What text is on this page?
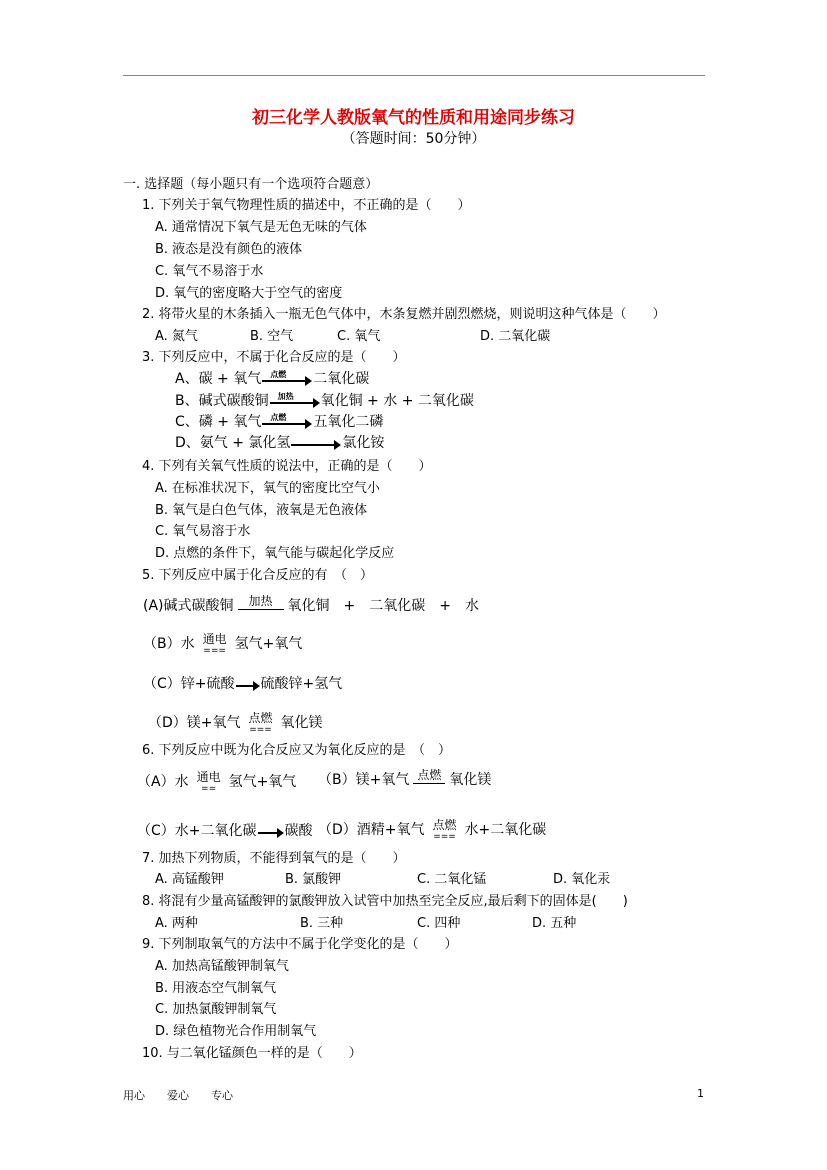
初三化学人教版氧气的性质和用途同步练习
（答题时间：50分钟）
一. 选择题（每小题只有一个选项符合题意）
1. 下列关于氧气物理性质的描述中，不正确的是（　　）
A. 通常情况下氧气是无色无味的气体
B. 液态是没有颜色的液体
C. 氧气不易溶于水
D. 氧气的密度略大于空气的密度
2. 将带火星的木条插入一瓶无色气体中，木条复燃并剧烈燃烧，则说明这种气体是（　　）
A. 氮气	B. 空气	C. 氧气	D. 二氧化碳
3. 下列反应中，不属于化合反应的是（　　）
A、碳 + 氧气 点燃 二氧化碳
B、碱式碳酸铜 加热 氧化铜 + 水 + 二氧化碳
C、磷 + 氧气 点燃 五氧化二磷
D、氨气 + 氯化氢	氯化铵
4. 下列有关氧气性质的说法中，正确的是（　　）
A. 在标准状况下，氧气的密度比空气小
B. 氧气是白色气体，液氧是无色液体
C. 氧气易溶于水
D. 点燃的条件下，氧气能与碳起化学反应
5. 下列反应中属于化合反应的有　（　）
(A)碱式碳酸铜	加热	氧化铜　+　二氧化碳　+　水
（B）水 通电
=== 氢气+氧气
（C）锌+硫酸 硫酸锌+氢气
（D）镁+氧气 点燃
=== 氧化镁
6. 下列反应中既为化合反应又为氧化反应的是　（　）
（A）水 通电
== 氢气+氧气 （B）镁+氧气 点燃 氧化镁
（C）水+二氧化碳 碳酸 （D）酒精+氧气 点燃
=== 水+二氧化碳
7. 加热下列物质，不能得到氧气的是（　　）
A. 高锰酸钾	B. 氯酸钾	C. 二氧化锰	D. 氧化汞
8. 将混有少量高锰酸钾的氯酸钾放入试管中加热至完全反应,最后剩下的固体是(　　)
A. 两种	B. 三种	C. 四种	D. 五种
9. 下列制取氧气的方法中不属于化学变化的是（　　）
A. 加热高锰酸钾制氧气
B. 用液态空气制氧气
C. 加热氯酸钾制氧气
D. 绿色植物光合作用制氧气
10. 与二氧化锰颜色一样的是（　　）
用心　　爱心　　专心	1
